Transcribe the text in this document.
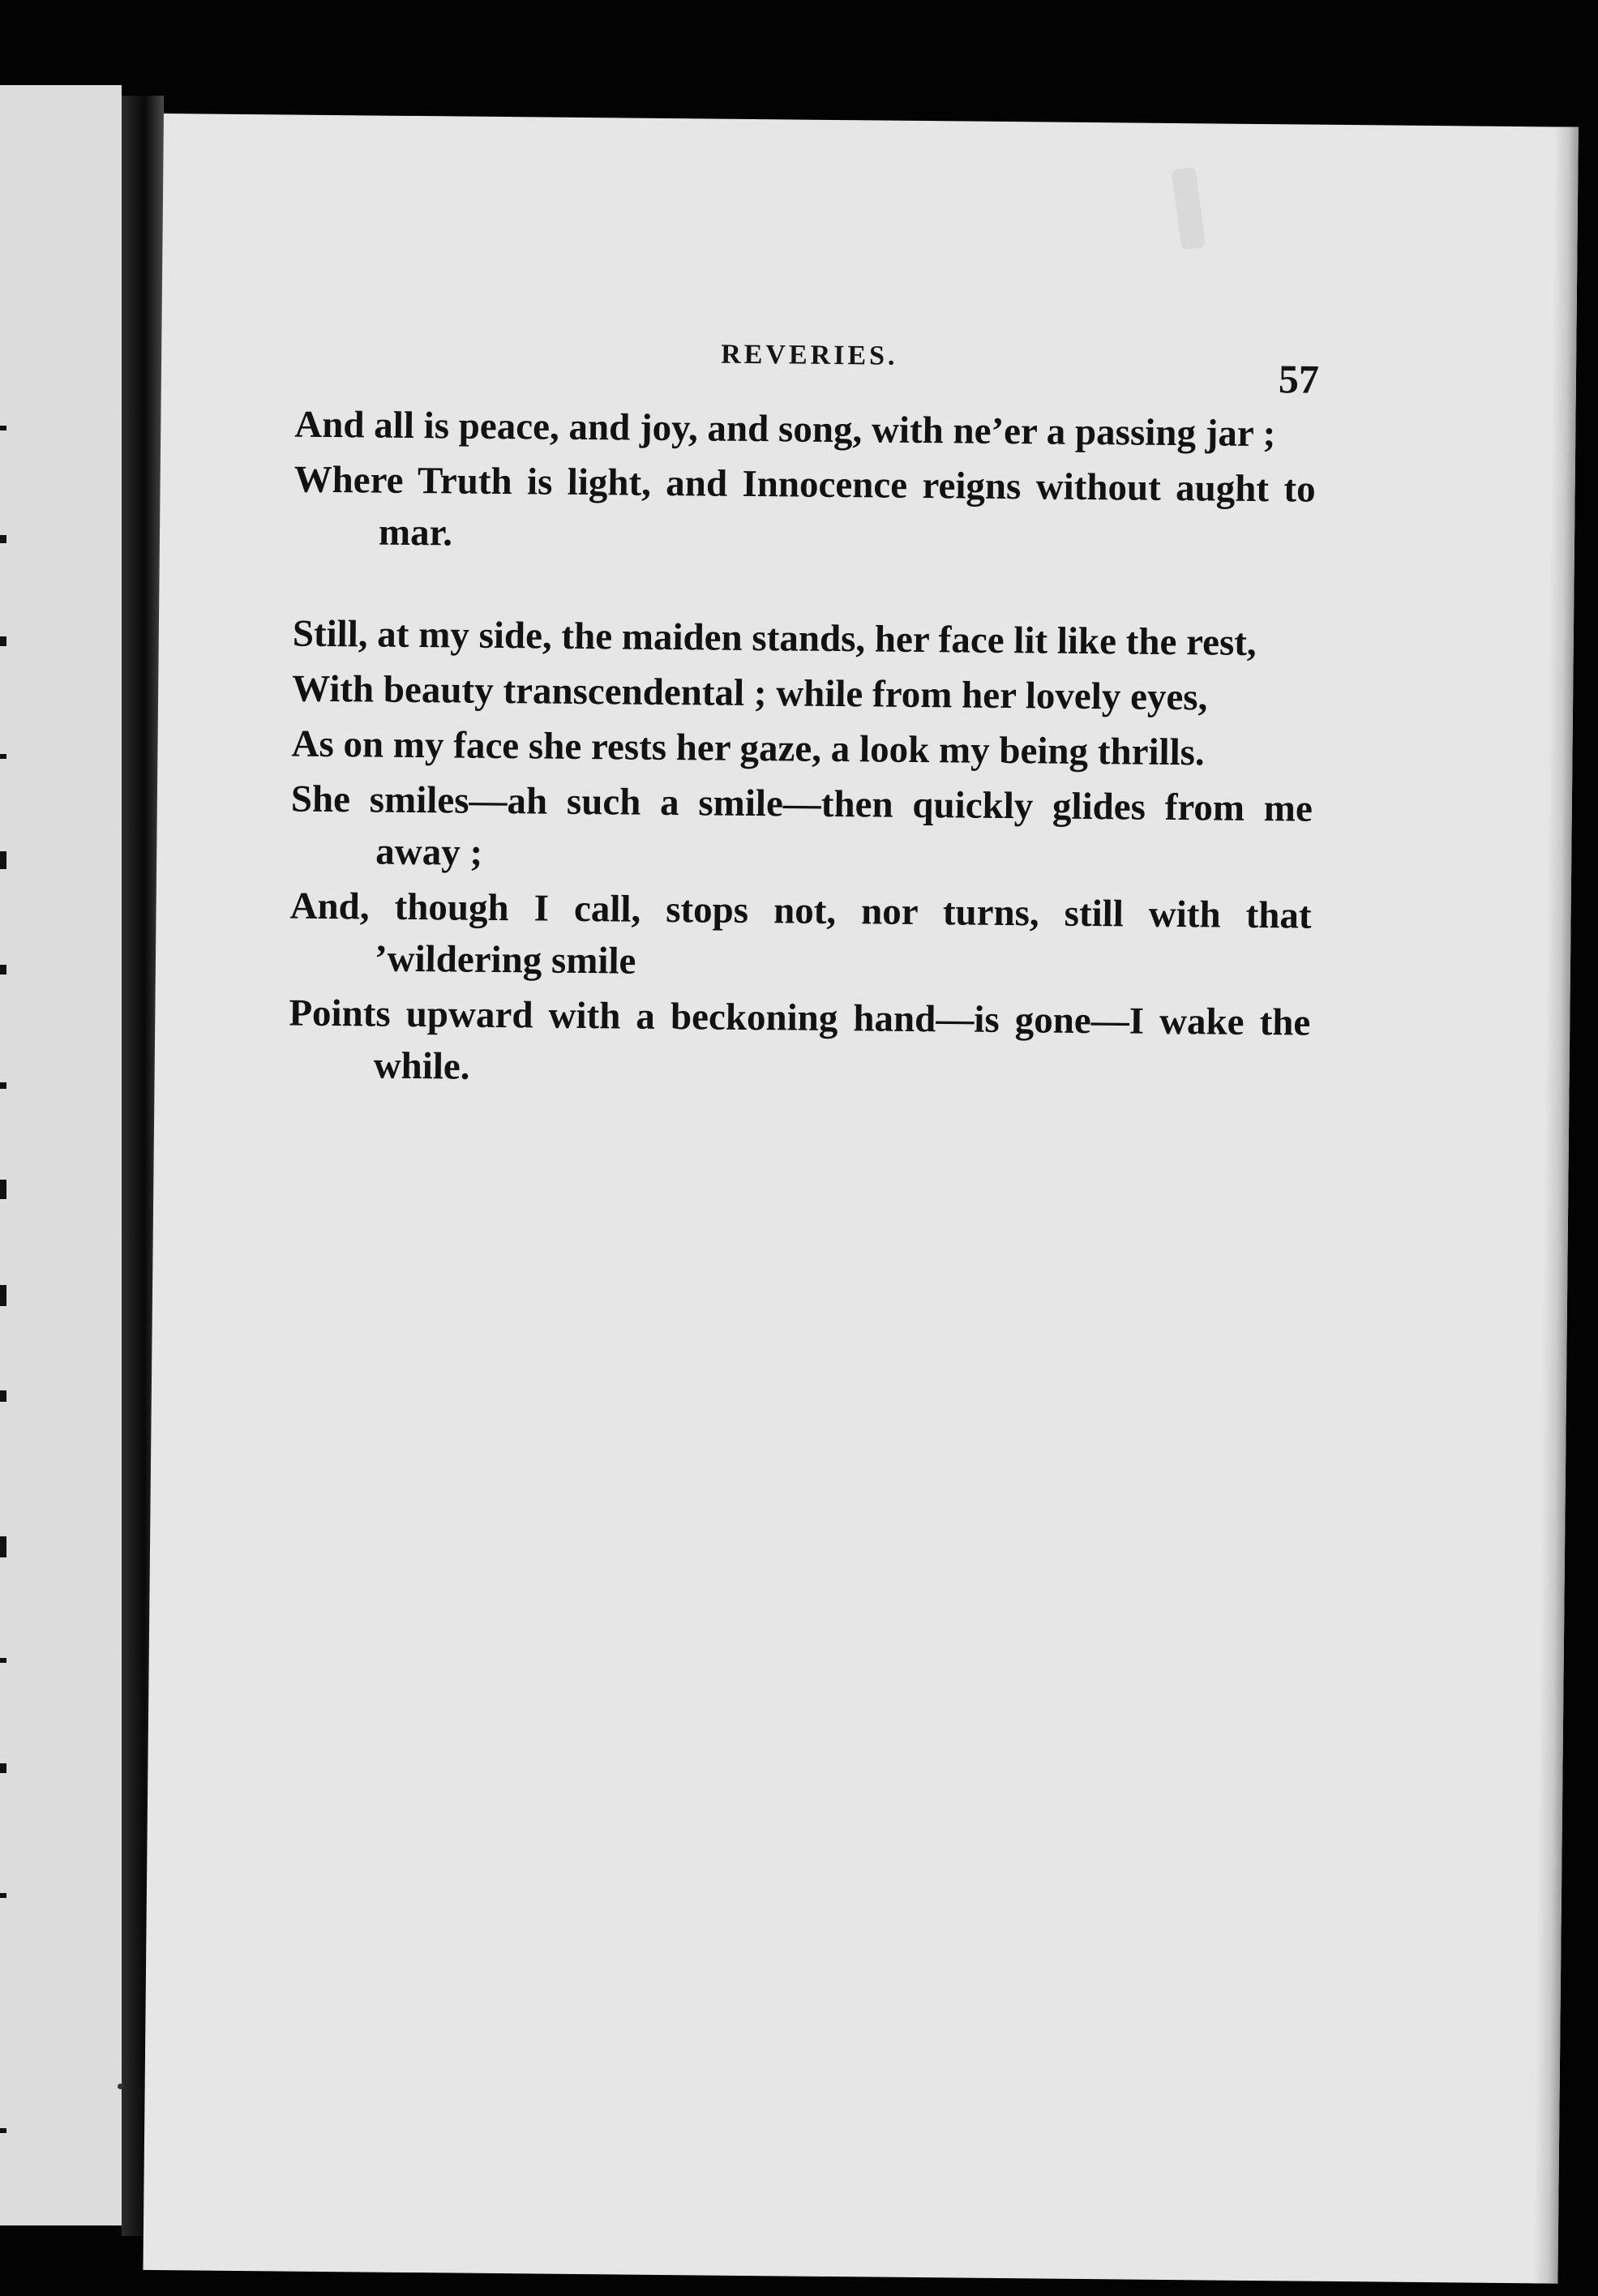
REVERIES.
57
And all is peace, and joy, and song, with ne’er a passing jar ;
Where Truth is light, and Innocence reigns without aught to mar.
Still, at my side, the maiden stands, her face lit like the rest,
With beauty transcendental ; while from her lovely eyes,
As on my face she rests her gaze, a look my being thrills.
She smiles—ah such a smile—then quickly glides from me away ;
And, though I call, stops not, nor turns, still with that ’wildering smile
Points upward with a beckoning hand—is gone—I wake the while.
